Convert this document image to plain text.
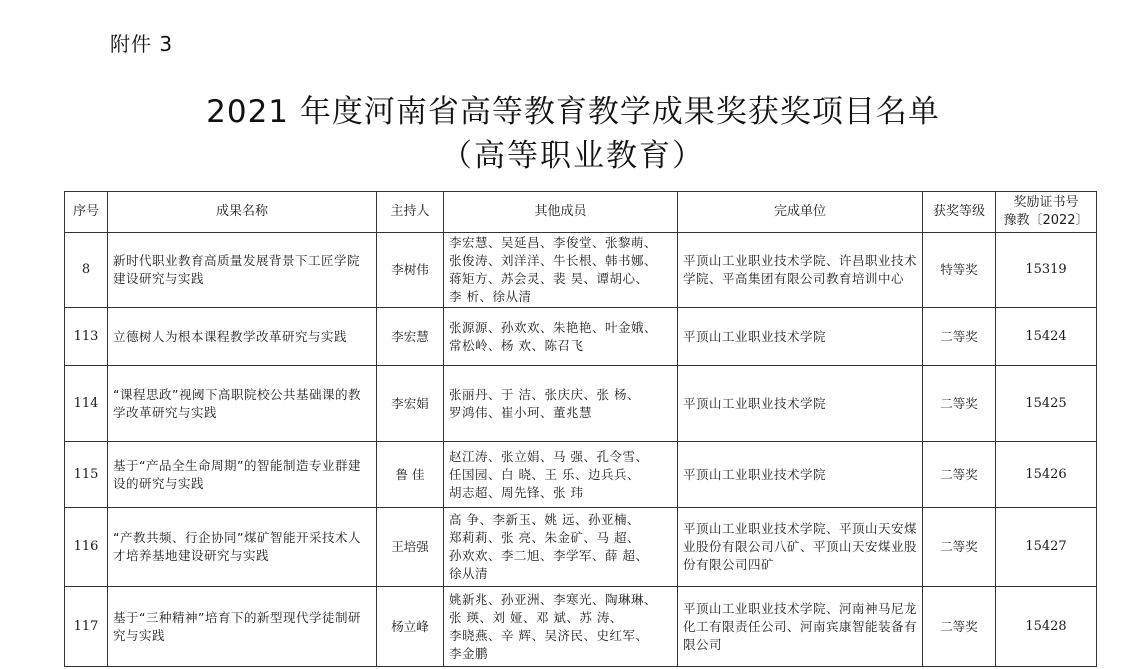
附件 3
2021 年度河南省高等教育教学成果奖获奖项目名单
（高等职业教育）
序号	成果名称	主持人	其他成员	完成单位	获奖等级	奖励证书号
豫教〔2022〕

8	新时代职业教育高质量发展背景下工匠学院建设研究与实践	李树伟	李宏慧、吴延昌、李俊堂、张黎萌、
张俊涛、刘洋洋、牛长根、韩书娜、
蒋矩方、苏会灵、裴 昊、谭胡心、
李 析、徐从清	平顶山工业职业技术学院、许昌职业技术学院、平高集团有限公司教育培训中心	特等奖	15319
113	立德树人为根本课程教学改革研究与实践	李宏慧	张源源、孙欢欢、朱艳艳、叶金娥、
常松岭、杨 欢、陈召飞	平顶山工业职业技术学院	二等奖	15424
114	“课程思政”视阈下高职院校公共基础课的教学改革研究与实践	李宏娟	张丽丹、于 洁、张庆庆、张 杨、
罗鸿伟、崔小珂、董兆慧	平顶山工业职业技术学院	二等奖	15425
115	基于“产品全生命周期”的智能制造专业群建设的研究与实践	鲁 佳	赵江涛、张立娟、马 强、孔令雪、
任国园、白 晓、王 乐、边兵兵、
胡志超、周先锋、张 玮	平顶山工业职业技术学院	二等奖	15426
116	“产教共频、行企协同”煤矿智能开采技术人才培养基地建设研究与实践	王培强	高 争、李新玉、姚 远、孙亚楠、
郑莉莉、张 亮、朱金矿、马 超、
孙欢欢、李二旭、李学军、薛 超、
徐从清	平顶山工业职业技术学院、平顶山天安煤业股份有限公司八矿、平顶山天安煤业股份有限公司四矿	二等奖	15427
117	基于“三种精神”培育下的新型现代学徒制研究与实践	杨立峰	姚新兆、孙亚洲、李寒光、陶琳琳、
张 瑛、刘 娅、邓 斌、苏 涛、
李晓燕、辛 辉、吴济民、史红军、
李金鹏	平顶山工业职业技术学院、河南神马尼龙化工有限责任公司、河南宾康智能装备有限公司	二等奖	15428
